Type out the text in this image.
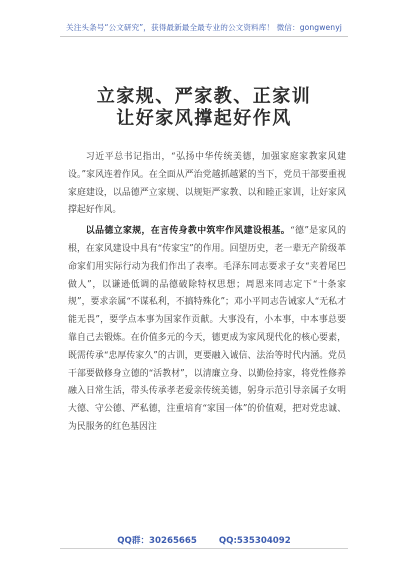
关注头条号“公文研究”，获得最新最全最专业的公文资料库！ 微信：gongwenyj
立家规、严家教、正家训
让好家风撑起好作风

习近平总书记指出，“弘扬中华传统美德，加强家庭家教家风建设。”家风连着作风。在全面从严治党越抓越紧的当下，党员干部要重视家庭建设，以品德严立家规、以规矩严家教、以和睦正家训，让好家风撑起好作风。

以品德立家规，在言传身教中筑牢作风建设根基。“德”是家风的根，在家风建设中具有“传家宝”的作用。回望历史，老一辈无产阶级革命家们用实际行动为我们作出了表率。毛泽东同志要求子女“夹着尾巴做人”，以谦逊低调的品德破除特权思想；周恩来同志定下“十条家规”，要求亲属“不谋私利，不搞特殊化”；邓小平同志告诫家人“无私才能无畏”，要学点本事为国家作贡献。大事没有，小本事，中本事总要靠自己去锻炼。在价值多元的今天，德更成为家风现代化的核心要素，既需传承“忠厚传家久”的古训，更要融入诚信、法治等时代内涵。党员干部要做修身立德的“活教材”，以清廉立身、以勤俭持家，将党性修养融入日常生活，带头传承孝老爱亲传统美德，躬身示范引导亲属子女明大德、守公德、严私德，注重培育“家国一体”的价值观，把对党忠诚、为民服务的红色基因注

QQ群：30265665	QQ:535304092
